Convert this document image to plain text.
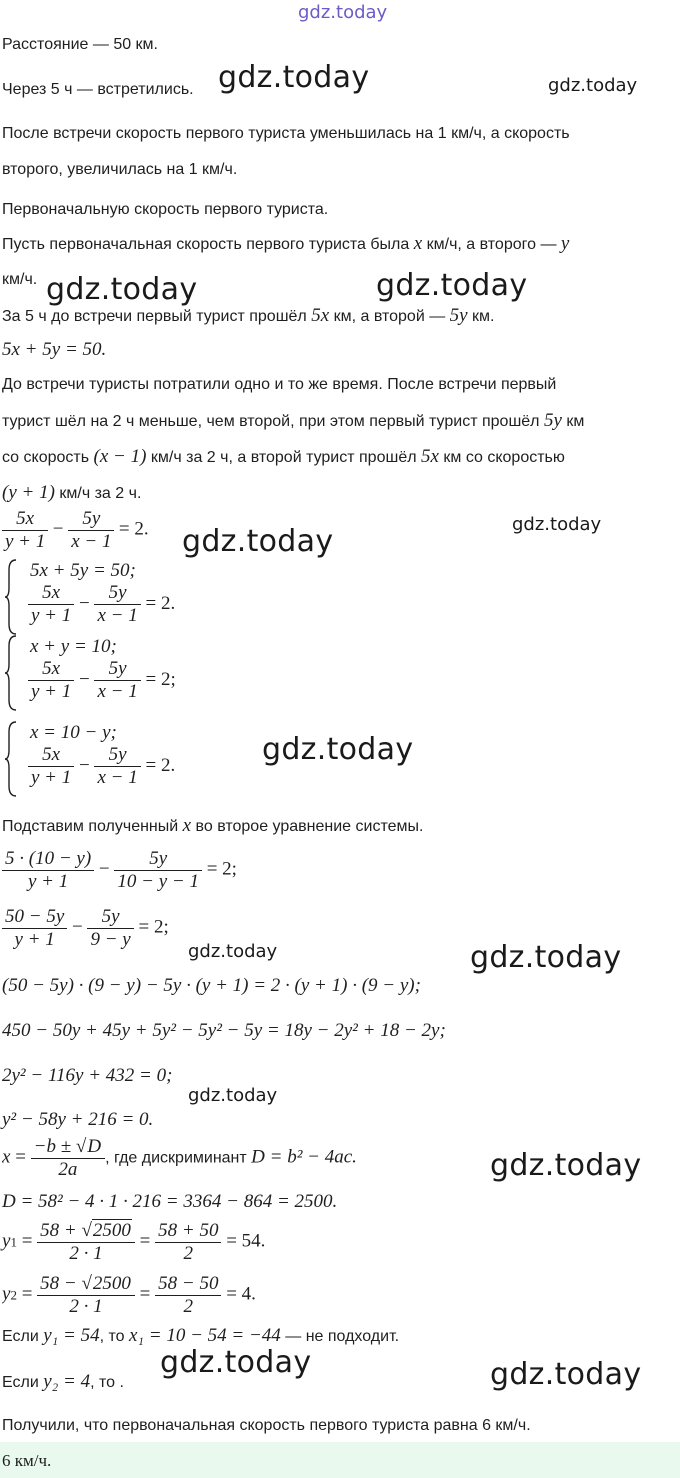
gdz.today
gdz.today	gdz.today
gdz.today	gdz.today
gdz.today
gdz.today
gdz.today
gdz.today	gdz.today
gdz.today
gdz.today
gdz.today	gdz.today
Расстояние — 50 км.
Через 5 ч — встретились.
После встречи скорость первого туриста уменьшилась на 1 км/ч, а скорость
второго, увеличилась на 1 км/ч.
Первоначальную скорость первого туриста.
Пусть первоначальная скорость первого туриста была x км/ч, а второго — y
км/ч.
За 5 ч до встречи первый турист прошёл 5x км, а второй — 5y км.
5x + 5y = 50.
До встречи туристы потратили одно и то же время. После встречи первый
турист шёл на 2 ч меньше, чем второй, при этом первый турист прошёл 5y км
со скорость (x − 1) км/ч за 2 ч, а второй турист прошёл 5x км со скоростью
(y + 1) км/ч за 2 ч.
$\frac{5x}{y + 1} - \frac{5y}{x - 1} = 2$.
5x + 5y = 50;
$\frac{5x}{y + 1} - \frac{5y}{x - 1} = 2$.
x + y = 10;
$\frac{5x}{y + 1} - \frac{5y}{x - 1} = 2$;
x = 10 − y;
$\frac{5x}{y + 1} - \frac{5y}{x - 1} = 2$.
Подставим полученный x во второе уравнение системы.
$\frac{5 \cdot (10 - y)}{y + 1} - \frac{5y}{10 - y - 1} = 2$;
$\frac{50 - 5y}{y + 1} - \frac{5y}{9 - y} = 2$;
(50 − 5y) · (9 − y) − 5y · (y + 1) = 2 · (y + 1) · (9 − y);
450 − 50y + 45y + 5y² − 5y² − 5y = 18y − 2y² + 18 − 2y;
2y² − 116y + 432 = 0;
y² − 58y + 216 = 0.
$x = \frac{-b \pm √D}{2a}$ , где дискриминант D = b² − 4ac.
D = 58² − 4 · 1 · 216 = 3364 − 864 = 2500.
$y1 = \frac{58 + √2500}{2 \cdot 1} = \frac{58 + 50}{2} = 54$.
$y2 = \frac{58 - √2500}{2 \cdot 1} = \frac{58 - 50}{2} = 4$.
Если y₁ = 54, то x₁ = 10 − 54 = −44 — не подходит.
Если y₂ = 4, то .
Получили, что первоначальная скорость первого туриста равна 6 км/ч.
6 км/ч.
